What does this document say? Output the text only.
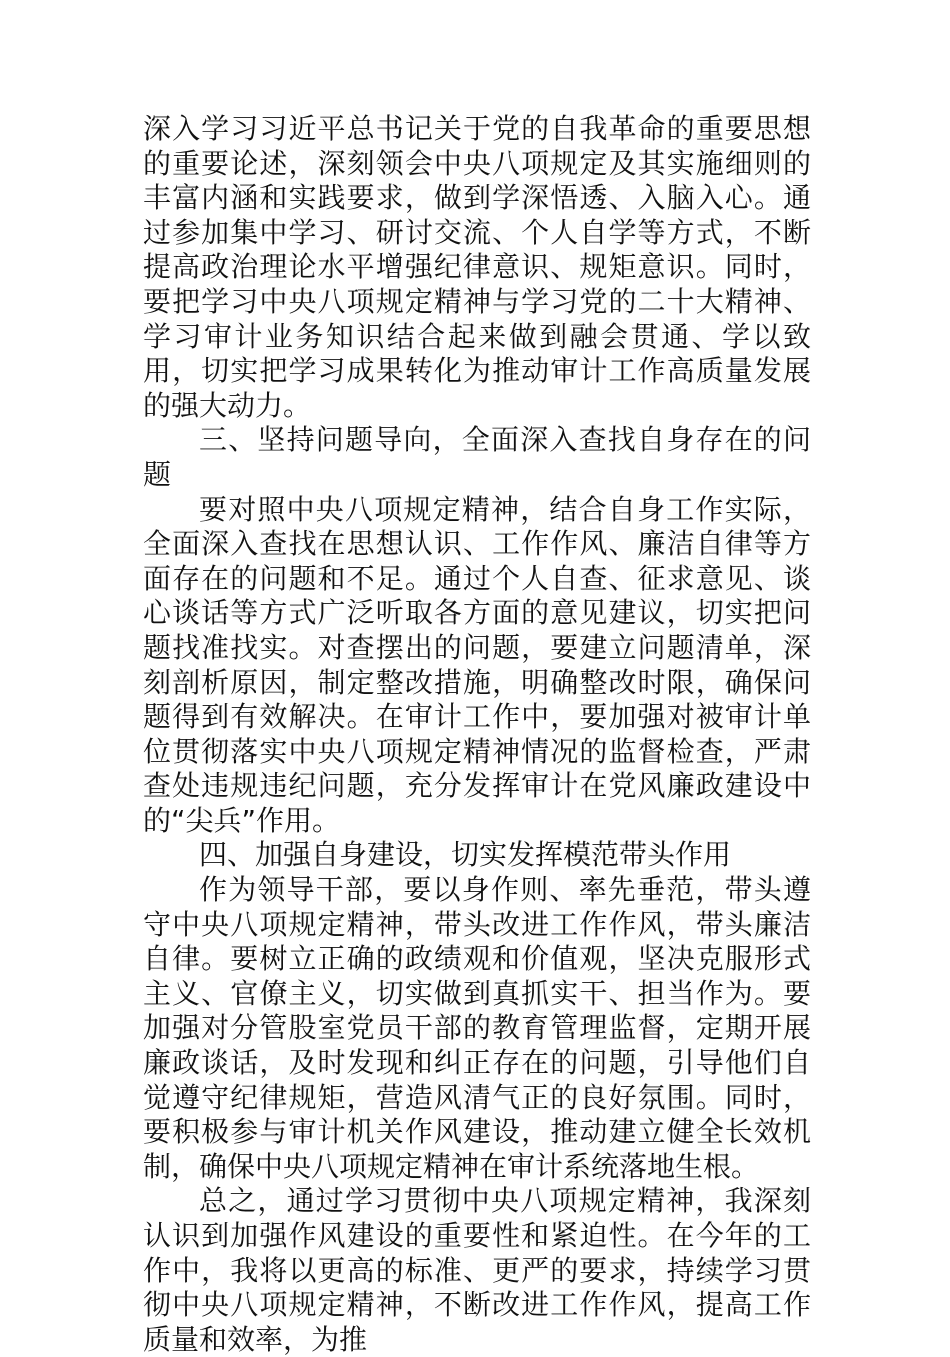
深入学习习近平总书记关于党的自我革命的重要思想的重要论述，深刻领会中央八项规定及其实施细则的丰富内涵和实践要求，做到学深悟透、入脑入心。通过参加集中学习、研讨交流、个人自学等方式，不断提高政治理论水平增强纪律意识、规矩意识。同时，要把学习中央八项规定精神与学习党的二十大精神、学习审计业务知识结合起来做到融会贯通、学以致用，切实把学习成果转化为推动审计工作高质量发展的强大动力。

三、坚持问题导向，全面深入查找自身存在的问题

要对照中央八项规定精神，结合自身工作实际，全面深入查找在思想认识、工作作风、廉洁自律等方面存在的问题和不足。通过个人自查、征求意见、谈心谈话等方式广泛听取各方面的意见建议，切实把问题找准找实。对查摆出的问题，要建立问题清单，深刻剖析原因，制定整改措施，明确整改时限，确保问题得到有效解决。在审计工作中，要加强对被审计单位贯彻落实中央八项规定精神情况的监督检查，严肃查处违规违纪问题，充分发挥审计在党风廉政建设中的“尖兵”作用。

四、加强自身建设，切实发挥模范带头作用

作为领导干部，要以身作则、率先垂范，带头遵守中央八项规定精神，带头改进工作作风，带头廉洁自律。要树立正确的政绩观和价值观，坚决克服形式主义、官僚主义，切实做到真抓实干、担当作为。要加强对分管股室党员干部的教育管理监督，定期开展廉政谈话，及时发现和纠正存在的问题，引导他们自觉遵守纪律规矩，营造风清气正的良好氛围。同时，要积极参与审计机关作风建设，推动建立健全长效机制，确保中央八项规定精神在审计系统落地生根。

总之，通过学习贯彻中央八项规定精神，我深刻认识到加强作风建设的重要性和紧迫性。在今年的工作中，我将以更高的标准、更严的要求，持续学习贯彻中央八项规定精神，不断改进工作作风，提高工作质量和效率，为推
